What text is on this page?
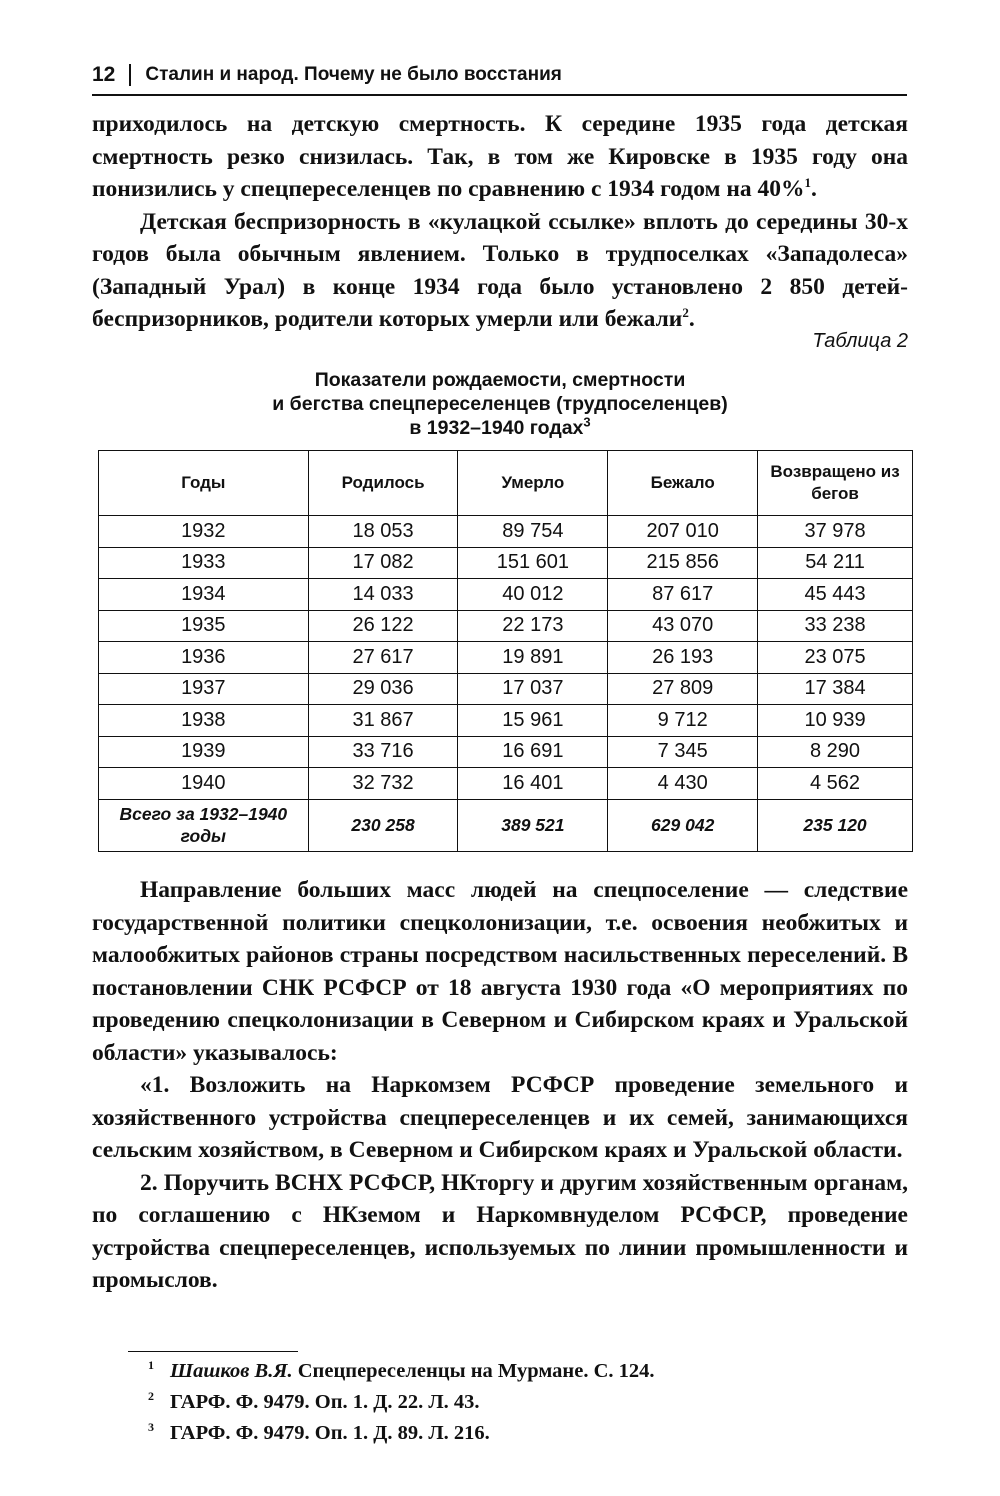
12 Сталин и народ. Почему не было восстания

приходилось на детскую смертность. К середине 1935 года детская смертность резко снизилась. Так, в том же Кировске в 1935 году она понизились у спецпереселенцев по сравнению с 1934 годом на 40%$^1$.

Детская беспризорность в «кулацкой ссылке» вплоть до середины 30-х годов была обычным явлением. Только в трудпоселках «Западолеса» (Западный Урал) в конце 1934 года было установлено 2 850 детей-беспризорников, родители которых умерли или бежали$^2$.

Таблица 2
Показатели рождаемости, смертности
и бегства спецпереселенцев (трудпоселенцев)
в 1932–1940 годах$^3$
Годы	Родилось	Умерло	Бежало	Возвращено из бегов
1932	18 053	89 754	207 010	37 978
1933	17 082	151 601	215 856	54 211
1934	14 033	40 012	87 617	45 443
1935	26 122	22 173	43 070	33 238
1936	27 617	19 891	26 193	23 075
1937	29 036	17 037	27 809	17 384
1938	31 867	15 961	9 712	10 939
1939	33 716	16 691	7 345	8 290
1940	32 732	16 401	4 430	4 562
Всего за 1932–1940 годы	230 258	389 521	629 042	235 120

Направление больших масс людей на спецпоселение — следствие государственной политики спецколонизации, т.е. освоения необжитых и малообжитых районов страны посредством насильственных переселений. В постановлении СНК РСФСР от 18 августа 1930 года «О мероприятиях по проведению спецколонизации в Северном и Сибирском краях и Уральской области» указывалось:

«1. Возложить на Наркомзем РСФСР проведение земельного и хозяйственного устройства спецпереселенцев и их семей, занимающихся сельским хозяйством, в Северном и Сибирском краях и Уральской области.

2. Поручить ВСНХ РСФСР, НКторгу и другим хозяйственным органам, по соглашению с НКземом и Наркомвнуделом РСФСР, проведение устройства спецпереселенцев, используемых по линии промышленности и промыслов.

1 Шашков В.Я. Спецпереселенцы на Мурмане. С. 124.
2 ГАРФ. Ф. 9479. Оп. 1. Д. 22. Л. 43.
3 ГАРФ. Ф. 9479. Оп. 1. Д. 89. Л. 216.
